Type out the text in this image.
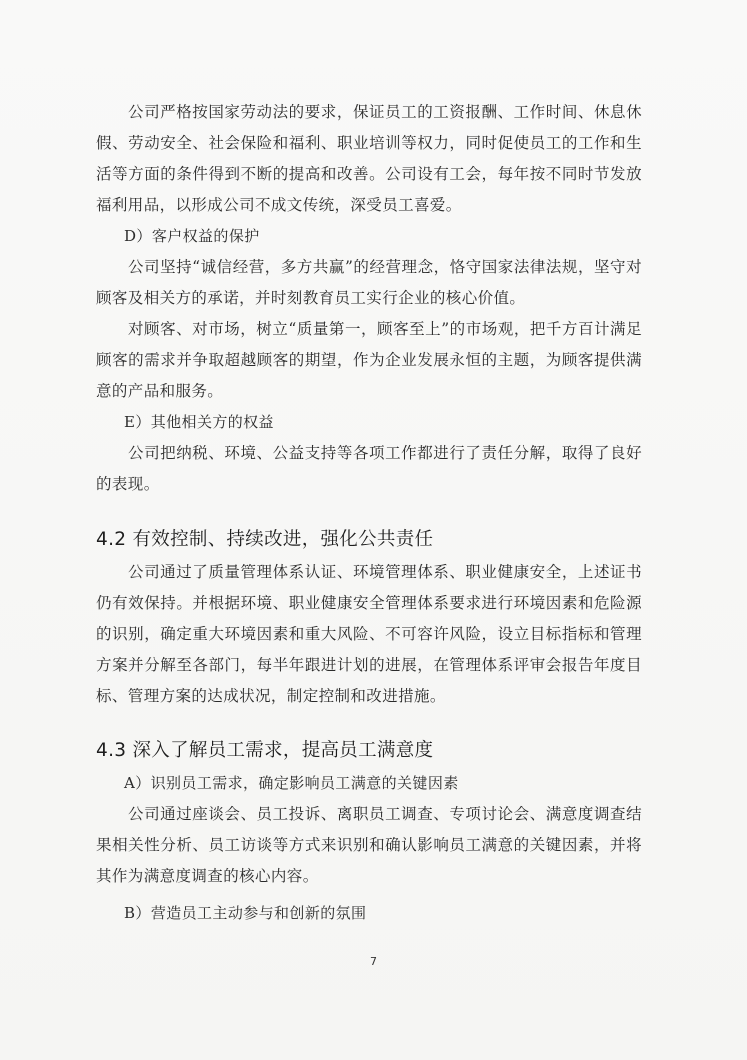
公司严格按国家劳动法的要求，保证员工的工资报酬、工作时间、休息休假、劳动安全、社会保险和福利、职业培训等权力，同时促使员工的工作和生活等方面的条件得到不断的提高和改善。公司设有工会，每年按不同时节发放福利用品，以形成公司不成文传统，深受员工喜爱。

D）客户权益的保护

公司坚持“诚信经营，多方共赢”的经营理念，恪守国家法律法规，坚守对顾客及相关方的承诺，并时刻教育员工实行企业的核心价值。

对顾客、对市场，树立“质量第一，顾客至上”的市场观，把千方百计满足顾客的需求并争取超越顾客的期望，作为企业发展永恒的主题，为顾客提供满意的产品和服务。

E）其他相关方的权益

公司把纳税、环境、公益支持等各项工作都进行了责任分解，取得了良好的表现。

4.2 有效控制、持续改进，强化公共责任

公司通过了质量管理体系认证、环境管理体系、职业健康安全，上述证书仍有效保持。并根据环境、职业健康安全管理体系要求进行环境因素和危险源的识别，确定重大环境因素和重大风险、不可容许风险，设立目标指标和管理方案并分解至各部门，每半年跟进计划的进展，在管理体系评审会报告年度目标、管理方案的达成状况，制定控制和改进措施。

4.3 深入了解员工需求，提高员工满意度

A）识别员工需求，确定影响员工满意的关键因素

公司通过座谈会、员工投诉、离职员工调查、专项讨论会、满意度调查结果相关性分析、员工访谈等方式来识别和确认影响员工满意的关键因素，并将其作为满意度调查的核心内容。

B）营造员工主动参与和创新的氛围

7
